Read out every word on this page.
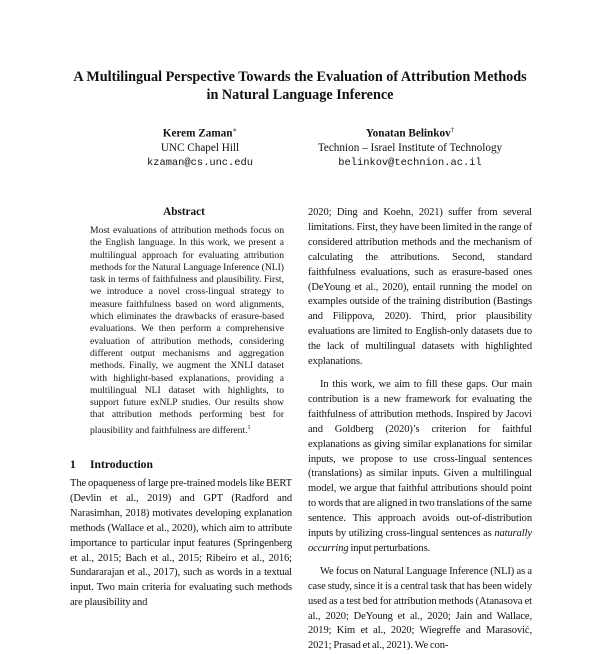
A Multilingual Perspective Towards the Evaluation of Attribution Methods
in Natural Language Inference
Kerem Zaman∗
UNC Chapel Hill
kzaman@cs.unc.edu
Yonatan Belinkov†
Technion – Israel Institute of Technology
belinkov@technion.ac.il
Abstract
Most evaluations of attribution methods focus on the English language. In this work, we present a multilingual approach for evaluating attribution methods for the Natural Language Inference (NLI) task in terms of faithfulness and plausibility. First, we introduce a novel cross-lingual strategy to measure faithfulness based on word alignments, which eliminates the drawbacks of erasure-based evaluations. We then perform a comprehensive evaluation of attribution methods, considering different output mechanisms and aggregation methods. Finally, we augment the XNLI dataset with highlight-based explanations, providing a multilingual NLI dataset with highlights, to support future exNLP studies. Our results show that attribution methods performing best for plausibility and faithfulness are different.$^1$
1 Introduction

The opaqueness of large pre-trained models like BERT (Devlin et al., 2019) and GPT (Radford and Narasimhan, 2018) motivates developing explanation methods (Wallace et al., 2020), which aim to attribute importance to particular input features (Springenberg et al., 2015; Bach et al., 2015; Ribeiro et al., 2016; Sundararajan et al., 2017), such as words in a textual input. Two main criteria for evaluating such methods are plausibility and

2020; Ding and Koehn, 2021) suffer from several limitations. First, they have been limited in the range of considered attribution methods and the mechanism of calculating the attributions. Second, standard faithfulness evaluations, such as erasure-based ones (DeYoung et al., 2020), entail running the model on examples outside of the training distribution (Bastings and Filippova, 2020). Third, prior plausibility evaluations are limited to English-only datasets due to the lack of multilingual datasets with highlighted explanations.

In this work, we aim to fill these gaps. Our main contribution is a new framework for evaluating the faithfulness of attribution methods. Inspired by Jacovi and Goldberg (2020)’s criterion for faithful explanations as giving similar explanations for similar inputs, we propose to use cross-lingual sentences (translations) as similar inputs. Given a multilingual model, we argue that faithful attributions should point to words that are aligned in two translations of the same sentence. This approach avoids out-of-distribution inputs by utilizing cross-lingual sentences as naturally occurring input perturbations.

We focus on Natural Language Inference (NLI) as a case study, since it is a central task that has been widely used as a test bed for attribution methods (Atanasova et al., 2020; DeYoung et al., 2020; Jain and Wallace, 2019; Kim et al., 2020; Wiegreffe and Marasović, 2021; Prasad et al., 2021). We con-
